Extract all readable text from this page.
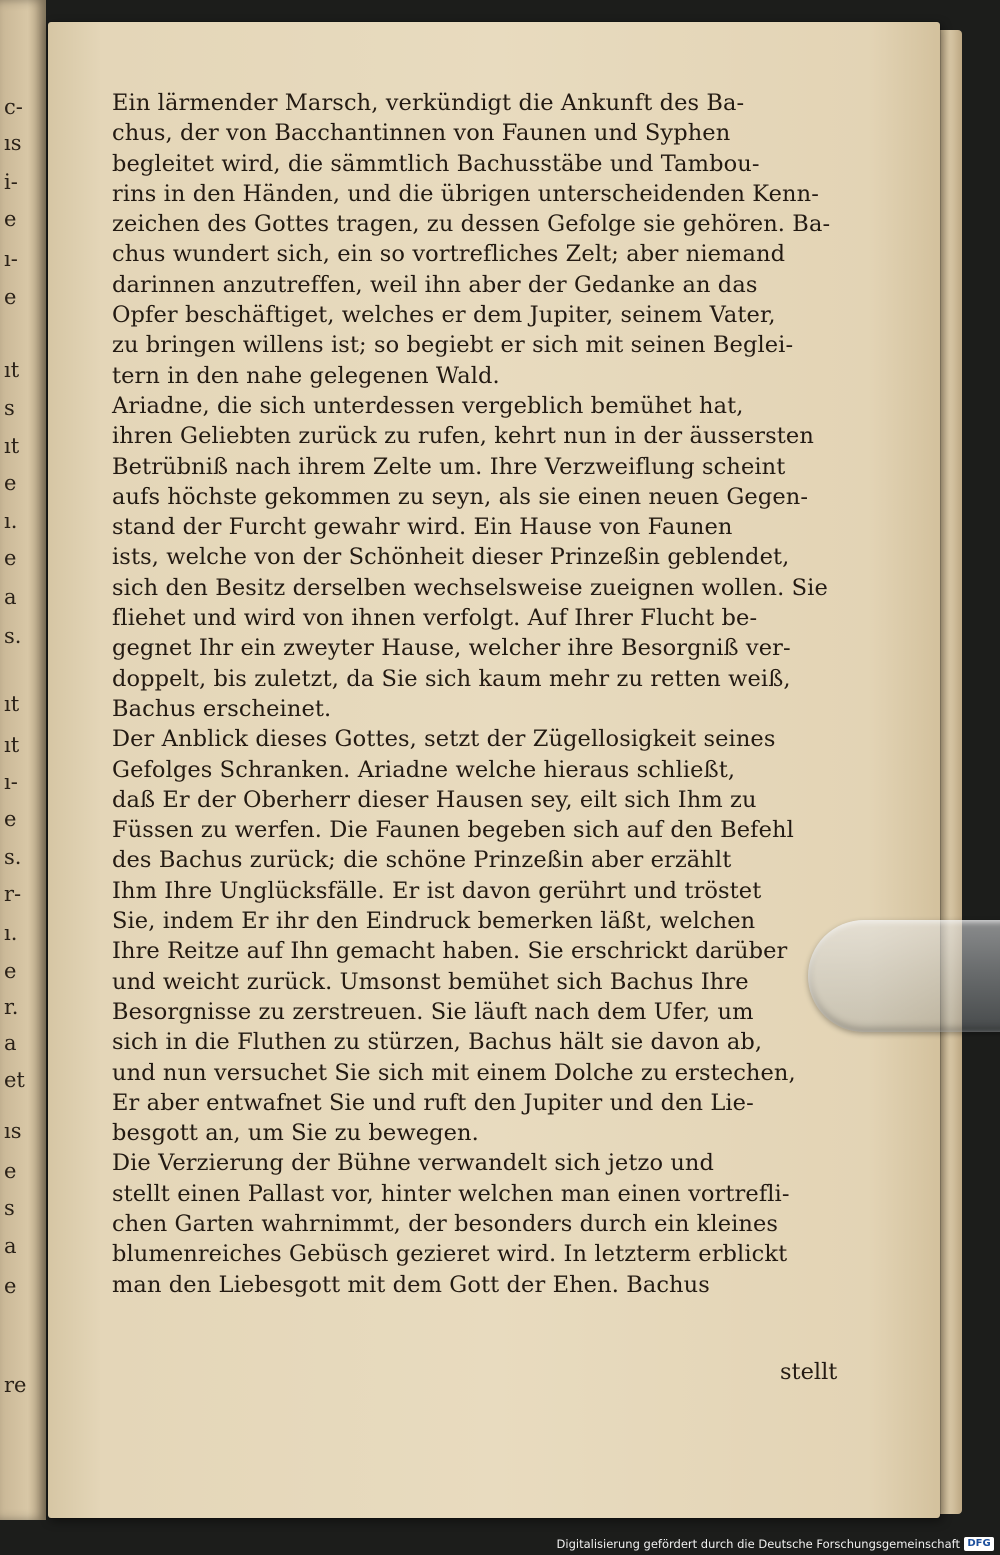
c-
ıs
i-
e
ı-
e
ıt
s
ıt
e
ı.
e
a
s.
ıt
ıt
ı-
e
s.
r-
ı.
e
r.
a
et
ıs
e
s
a
e
re
Ein lärmender Marsch, verkündigt die Ankunft des Ba-
chus, der von Bacchantinnen von Faunen und Syphen
begleitet wird, die sämmtlich Bachusstäbe und Tambou-
rins in den Händen, und die übrigen unterscheidenden Kenn-
zeichen des Gottes tragen, zu dessen Gefolge sie gehören. Ba-
chus wundert sich, ein so vortrefliches Zelt; aber niemand
darinnen anzutreffen, weil ihn aber der Gedanke an das
Opfer beschäftiget, welches er dem Jupiter, seinem Vater,
zu bringen willens ist; so begiebt er sich mit seinen Beglei-
tern in den nahe gelegenen Wald.
Ariadne, die sich unterdessen vergeblich bemühet hat,
ihren Geliebten zurück zu rufen, kehrt nun in der äussersten
Betrübniß nach ihrem Zelte um. Ihre Verzweiflung scheint
aufs höchste gekommen zu seyn, als sie einen neuen Gegen-
stand der Furcht gewahr wird. Ein Hause von Faunen
ists, welche von der Schönheit dieser Prinzeßin geblendet,
sich den Besitz derselben wechselsweise zueignen wollen. Sie
fliehet und wird von ihnen verfolgt. Auf Ihrer Flucht be-
gegnet Ihr ein zweyter Hause, welcher ihre Besorgniß ver-
doppelt, bis zuletzt, da Sie sich kaum mehr zu retten weiß,
Bachus erscheinet.
Der Anblick dieses Gottes, setzt der Zügellosigkeit seines
Gefolges Schranken. Ariadne welche hieraus schließt,
daß Er der Oberherr dieser Hausen sey, eilt sich Ihm zu
Füssen zu werfen. Die Faunen begeben sich auf den Befehl
des Bachus zurück; die schöne Prinzeßin aber erzählt
Ihm Ihre Unglücksfälle. Er ist davon gerührt und tröstet
Sie, indem Er ihr den Eindruck bemerken läßt, welchen
Ihre Reitze auf Ihn gemacht haben. Sie erschrickt darüber
und weicht zurück. Umsonst bemühet sich Bachus Ihre
Besorgnisse zu zerstreuen. Sie läuft nach dem Ufer, um
sich in die Fluthen zu stürzen, Bachus hält sie davon ab,
und nun versuchet Sie sich mit einem Dolche zu erstechen,
Er aber entwafnet Sie und ruft den Jupiter und den Lie-
besgott an, um Sie zu bewegen.
Die Verzierung der Bühne verwandelt sich jetzo und
stellt einen Pallast vor, hinter welchen man einen vortrefli-
chen Garten wahrnimmt, der besonders durch ein kleines
blumenreiches Gebüsch gezieret wird. In letzterm erblickt
man den Liebesgott mit dem Gott der Ehen. Bachus
stellt
Digitalisierung gefördert durch die Deutsche Forschungsgemeinschaft DFG
